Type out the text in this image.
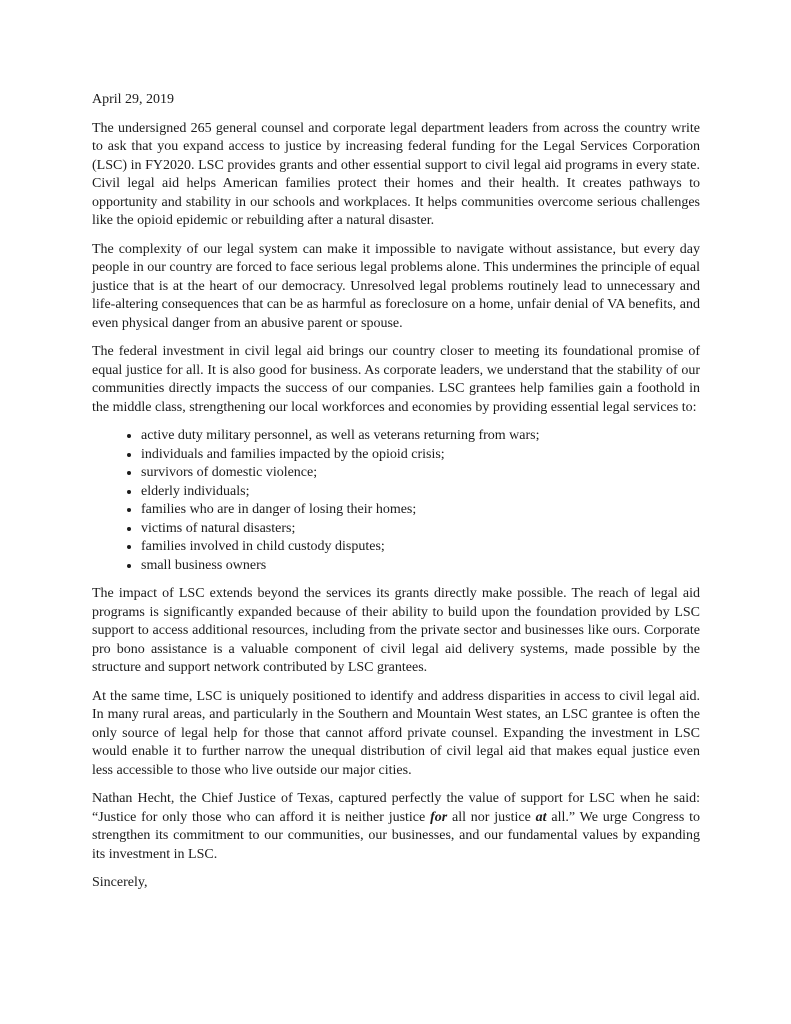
April 29, 2019

The undersigned 265 general counsel and corporate legal department leaders from across the country write to ask that you expand access to justice by increasing federal funding for the Legal Services Corporation (LSC) in FY2020. LSC provides grants and other essential support to civil legal aid programs in every state. Civil legal aid helps American families protect their homes and their health. It creates pathways to opportunity and stability in our schools and workplaces. It helps communities overcome serious challenges like the opioid epidemic or rebuilding after a natural disaster.

The complexity of our legal system can make it impossible to navigate without assistance, but every day people in our country are forced to face serious legal problems alone. This undermines the principle of equal justice that is at the heart of our democracy. Unresolved legal problems routinely lead to unnecessary and life-altering consequences that can be as harmful as foreclosure on a home, unfair denial of VA benefits, and even physical danger from an abusive parent or spouse.

The federal investment in civil legal aid brings our country closer to meeting its foundational promise of equal justice for all. It is also good for business. As corporate leaders, we understand that the stability of our communities directly impacts the success of our companies. LSC grantees help families gain a foothold in the middle class, strengthening our local workforces and economies by providing essential legal services to:

• active duty military personnel, as well as veterans returning from wars;
• individuals and families impacted by the opioid crisis;
• survivors of domestic violence;
• elderly individuals;
• families who are in danger of losing their homes;
• victims of natural disasters;
• families involved in child custody disputes;
• small business owners

The impact of LSC extends beyond the services its grants directly make possible. The reach of legal aid programs is significantly expanded because of their ability to build upon the foundation provided by LSC support to access additional resources, including from the private sector and businesses like ours. Corporate pro bono assistance is a valuable component of civil legal aid delivery systems, made possible by the structure and support network contributed by LSC grantees.

At the same time, LSC is uniquely positioned to identify and address disparities in access to civil legal aid. In many rural areas, and particularly in the Southern and Mountain West states, an LSC grantee is often the only source of legal help for those that cannot afford private counsel. Expanding the investment in LSC would enable it to further narrow the unequal distribution of civil legal aid that makes equal justice even less accessible to those who live outside our major cities.

Nathan Hecht, the Chief Justice of Texas, captured perfectly the value of support for LSC when he said: “Justice for only those who can afford it is neither justice for all nor justice at all.” We urge Congress to strengthen its commitment to our communities, our businesses, and our fundamental values by expanding its investment in LSC.

Sincerely,
